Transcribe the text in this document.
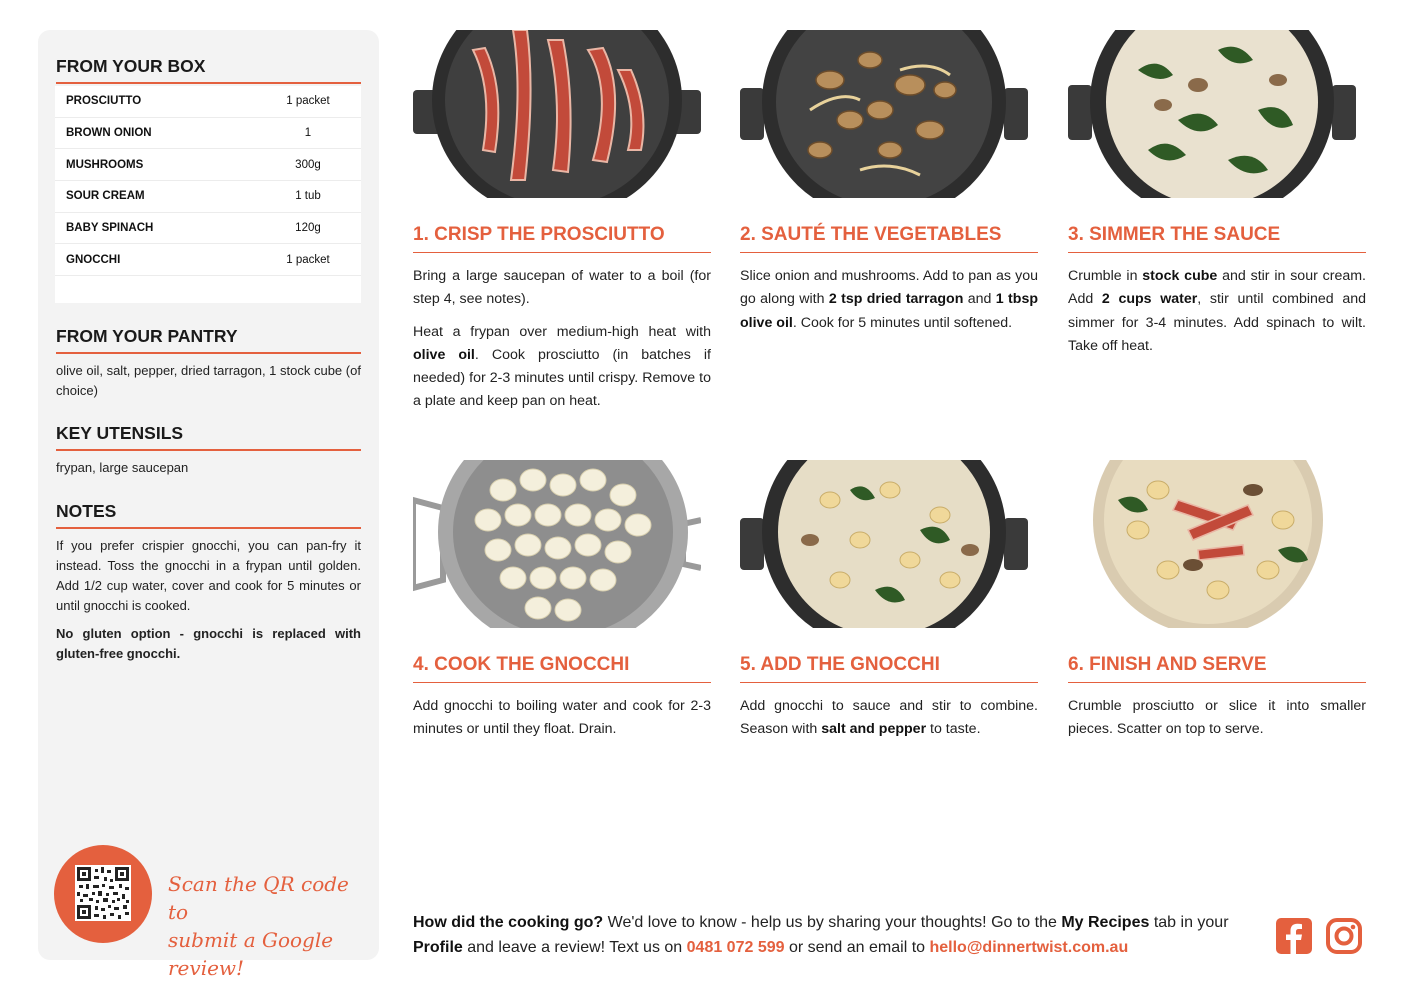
FROM YOUR BOX
PROSCIUTTO	1 packet
BROWN ONION	1
MUSHROOMS	300g
SOUR CREAM	1 tub
BABY SPINACH	120g
GNOCCHI	1 packet
FROM YOUR PANTRY
olive oil, salt, pepper, dried tarragon, 1 stock cube (of choice)
KEY UTENSILS
frypan, large saucepan
NOTES
If you prefer crispier gnocchi, you can pan-fry it instead. Toss the gnocchi in a frypan until golden. Add 1/2 cup water, cover and cook for 5 minutes or until gnocchi is cooked.
No gluten option - gnocchi is replaced with gluten-free gnocchi.
Scan the QR code to
submit a Google review!
1. CRISP THE PROSCIUTTO

Bring a large saucepan of water to a boil (for step 4, see notes).

Heat a frypan over medium-high heat with olive oil. Cook prosciutto (in batches if needed) for 2-3 minutes until crispy. Remove to a plate and keep pan on heat.

2. SAUTÉ THE VEGETABLES

Slice onion and mushrooms. Add to pan as you go along with 2 tsp dried tarragon and 1 tbsp olive oil. Cook for 5 minutes until softened.

3. SIMMER THE SAUCE

Crumble in stock cube and stir in sour cream. Add 2 cups water, stir until combined and simmer for 3-4 minutes. Add spinach to wilt. Take off heat.

4. COOK THE GNOCCHI

Add gnocchi to boiling water and cook for 2-3 minutes or until they float. Drain.

5. ADD THE GNOCCHI

Add gnocchi to sauce and stir to combine. Season with salt and pepper to taste.

6. FINISH AND SERVE

Crumble prosciutto or slice it into smaller pieces. Scatter on top to serve.

How did the cooking go? We'd love to know - help us by sharing your thoughts! Go to the My Recipes tab in your Profile and leave a review! Text us on 0481 072 599 or send an email to hello@dinnertwist.com.au
